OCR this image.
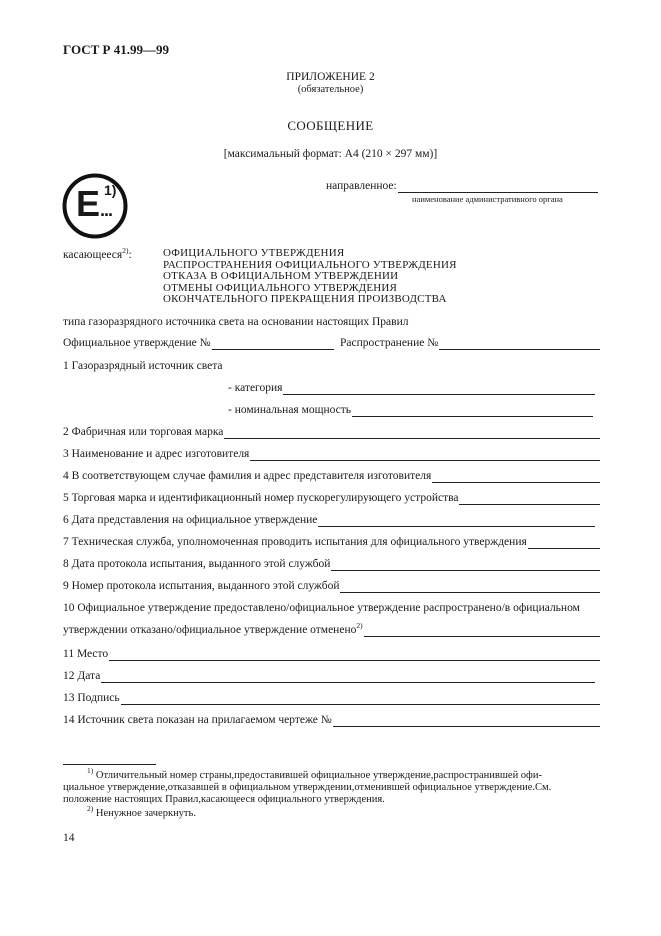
ГОСТ Р 41.99—99
ПРИЛОЖЕНИЕ 2
(обязательное)
СООБЩЕНИЕ
[максимальный формат: А4 (210 × 297 мм)]
E 1)
...
направленное:
наименование административного органа
касающееся$^{2)}$:	ОФИЦИАЛЬНОГО УТВЕРЖДЕНИЯ
РАСПРОСТРАНЕНИЯ ОФИЦИАЛЬНОГО УТВЕРЖДЕНИЯ
ОТКАЗА В ОФИЦИАЛЬНОМ УТВЕРЖДЕНИИ
ОТМЕНЫ ОФИЦИАЛЬНОГО УТВЕРЖДЕНИЯ
ОКОНЧАТЕЛЬНОГО ПРЕКРАЩЕНИЯ ПРОИЗВОДСТВА
типа газоразрядного источника света на основании настоящих Правил
Официальное утверждение №	Распространение №
1 Газоразрядный источник света
- категория
- номинальная мощность
2 Фабричная или торговая марка
3 Наименование и адрес изготовителя
4 В соответствующем случае фамилия и адрес представителя изготовителя
5 Торговая марка и идентификационный номер пускорегулирующего устройства
6 Дата представления на официальное утверждение
7 Техническая служба, уполномоченная проводить испытания для официального утверждения
8 Дата протокола испытания, выданного этой службой
9 Номер протокола испытания, выданного этой службой
10 Официальное утверждение предоставлено/официальное утверждение распространено/в официальном
утверждении отказано/официальное утверждение отменено$^{2)}$
11 Место
12 Дата
13 Подпись
14 Источник света показан на прилагаемом чертеже №
$^{1)}$ Отличительный номер страны,предоставившей официальное утверждение,распространившей офи-
циальное утверждение,отказавшей в официальном утверждении,отменившей официальное утверждение.См.
положение настоящих Правил,касающееся официального утверждения.
$^{2)}$ Ненужное зачеркнуть.
14
